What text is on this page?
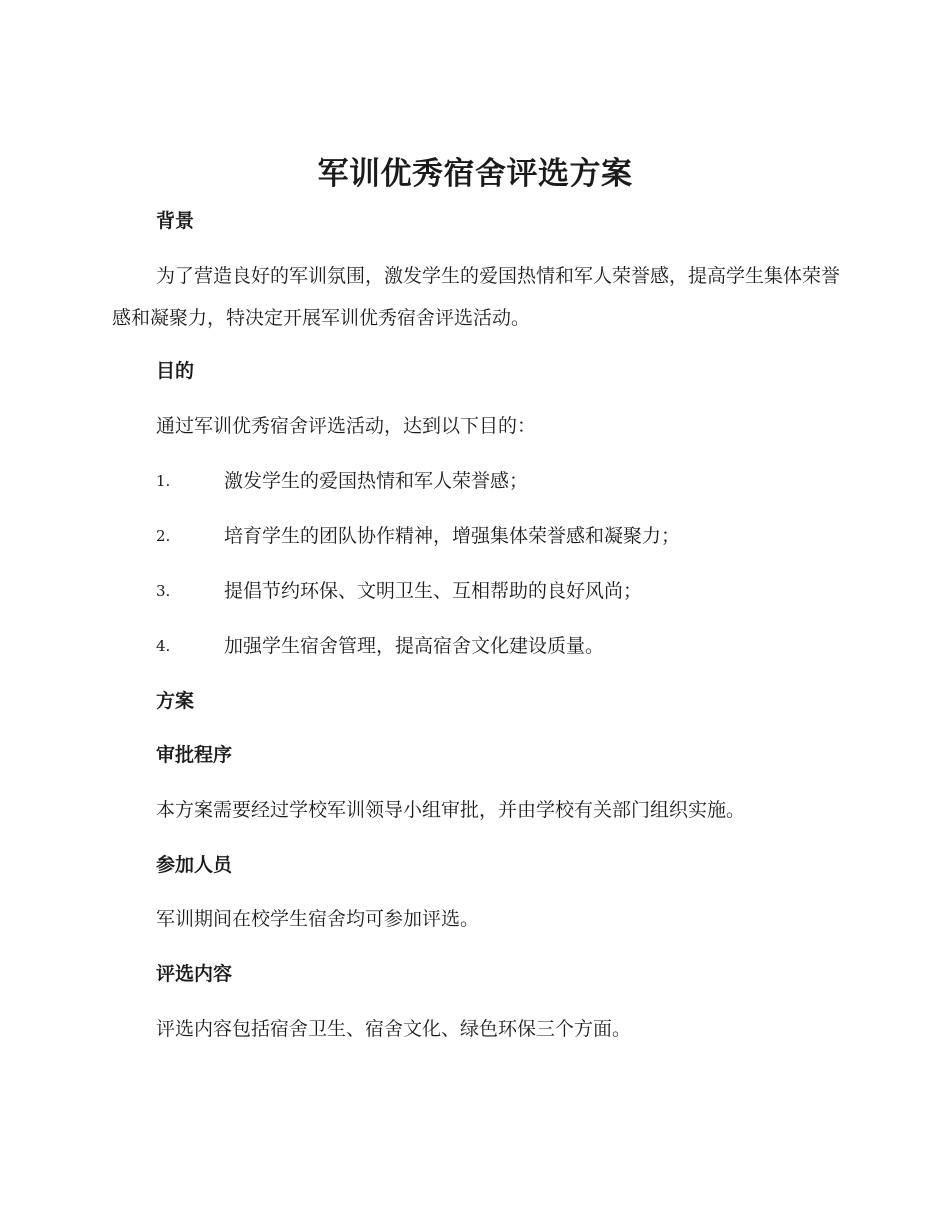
军训优秀宿舍评选方案
背景

为了营造良好的军训氛围，激发学生的爱国热情和军人荣誉感，提高学生集体荣誉感和凝聚力，特决定开展军训优秀宿舍评选活动。

目的

通过军训优秀宿舍评选活动，达到以下目的：

1.	激发学生的爱国热情和军人荣誉感；
2.	培育学生的团队协作精神，增强集体荣誉感和凝聚力；
3.	提倡节约环保、文明卫生、互相帮助的良好风尚；
4.	加强学生宿舍管理，提高宿舍文化建设质量。
方案
审批程序

本方案需要经过学校军训领导小组审批，并由学校有关部门组织实施。

参加人员

军训期间在校学生宿舍均可参加评选。

评选内容

评选内容包括宿舍卫生、宿舍文化、绿色环保三个方面。
